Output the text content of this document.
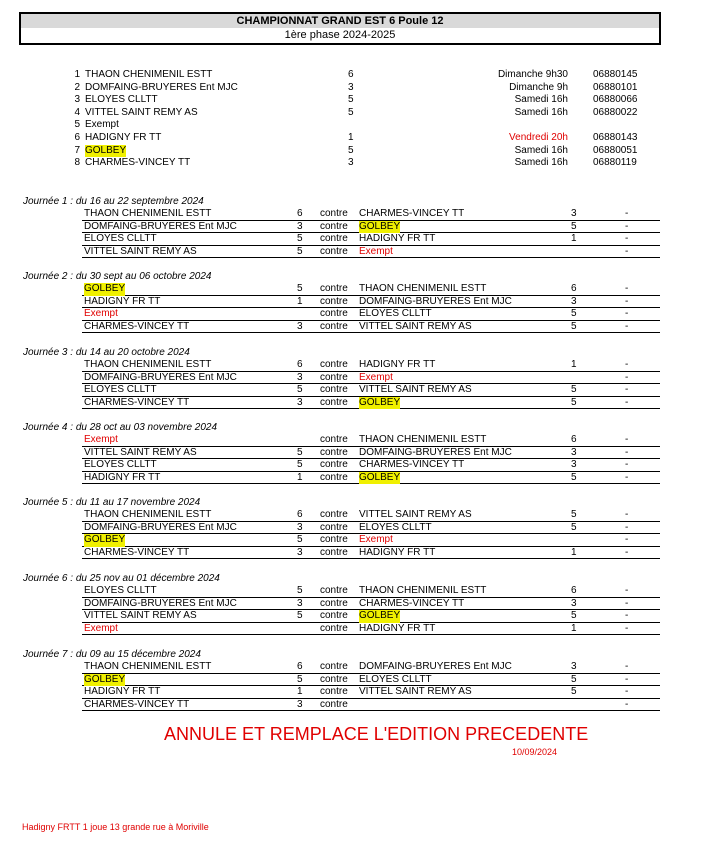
CHAMPIONNAT GRAND EST 6 Poule 12
1ère phase 2024-2025
1 THAON CHENIMENIL ESTT	6	Dimanche 9h30	06880145
2 DOMFAING-BRUYERES Ent MJC	3	Dimanche 9h	06880101
3 ELOYES CLLTT	5	Samedi 16h	06880066
4 VITTEL SAINT REMY AS	5	Samedi 16h	06880022
5 Exempt
6 HADIGNY FR TT	1	Vendredi 20h	06880143
7 GOLBEY	5	Samedi 16h	06880051
8 CHARMES-VINCEY TT	3	Samedi 16h	06880119
Journée 1 : du 16 au 22 septembre 2024
THAON CHENIMENIL ESTT	6 contre CHARMES-VINCEY TT	3	-
DOMFAING-BRUYERES Ent MJC	3 contre GOLBEY	5	-
ELOYES CLLTT	5 contre HADIGNY FR TT	1	-
VITTEL SAINT REMY AS	5 contre Exempt	-
Journée 2 : du 30 sept au 06 octobre 2024
GOLBEY	5 contre THAON CHENIMENIL ESTT	6	-
HADIGNY FR TT	1 contre DOMFAING-BRUYERES Ent MJC	3	-
Exempt	contre ELOYES CLLTT	5	-
CHARMES-VINCEY TT	3 contre VITTEL SAINT REMY AS	5	-
Journée 3 : du 14 au 20 octobre 2024
THAON CHENIMENIL ESTT	6 contre HADIGNY FR TT	1	-
DOMFAING-BRUYERES Ent MJC	3 contre Exempt	-
ELOYES CLLTT	5 contre VITTEL SAINT REMY AS	5	-
CHARMES-VINCEY TT	3 contre GOLBEY	5	-
Journée 4 : du 28 oct au 03 novembre 2024
Exempt	contre THAON CHENIMENIL ESTT	6	-
VITTEL SAINT REMY AS	5 contre DOMFAING-BRUYERES Ent MJC	3	-
ELOYES CLLTT	5 contre CHARMES-VINCEY TT	3	-
HADIGNY FR TT	1 contre GOLBEY	5	-
Journée 5 : du 11 au 17 novembre 2024
THAON CHENIMENIL ESTT	6 contre VITTEL SAINT REMY AS	5	-
DOMFAING-BRUYERES Ent MJC	3 contre ELOYES CLLTT	5	-
GOLBEY	5 contre Exempt	-
CHARMES-VINCEY TT	3 contre HADIGNY FR TT	1	-
Journée 6 : du 25 nov au 01 décembre 2024
ELOYES CLLTT	5 contre THAON CHENIMENIL ESTT	6	-
DOMFAING-BRUYERES Ent MJC	3 contre CHARMES-VINCEY TT	3	-
VITTEL SAINT REMY AS	5 contre GOLBEY	5	-
Exempt	contre HADIGNY FR TT	1	-
Journée 7 : du 09 au 15 décembre 2024
THAON CHENIMENIL ESTT	6 contre DOMFAING-BRUYERES Ent MJC	3	-
GOLBEY	5 contre ELOYES CLLTT	5	-
HADIGNY FR TT	1 contre VITTEL SAINT REMY AS	5	-
CHARMES-VINCEY TT	3 contre	-
ANNULE ET REMPLACE L'EDITION PRECEDENTE
10/09/2024
Hadigny FRTT 1 joue 13 grande rue à Moriville
